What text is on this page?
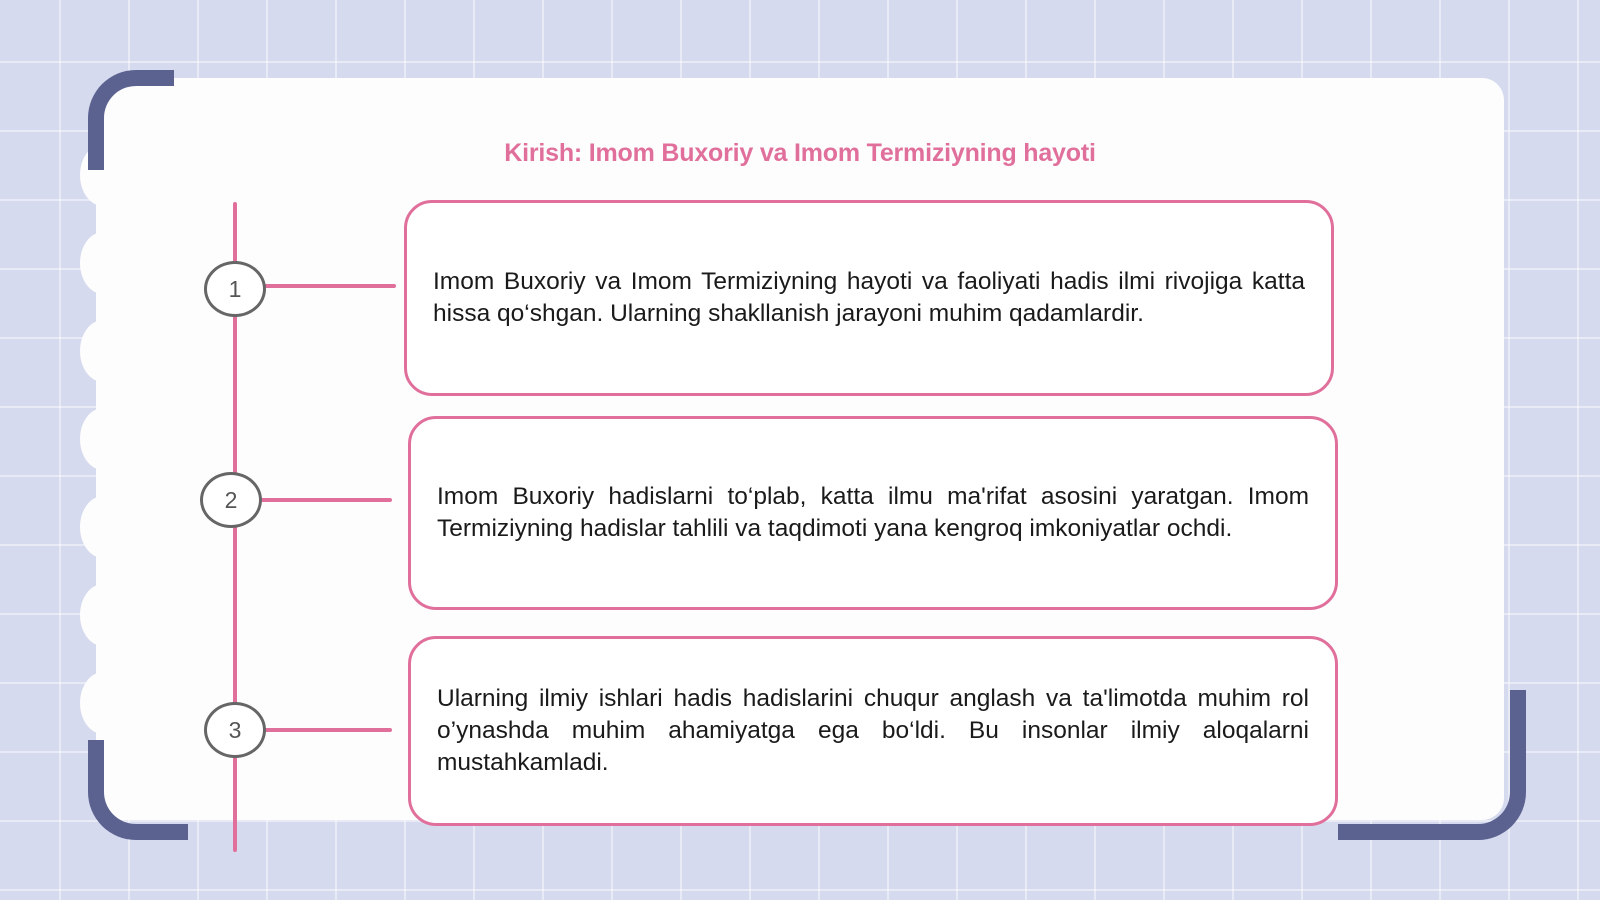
Kirish: Imom Buxoriy va Imom Termiziyning hayoti
1
2
3

Imom Buxoriy va Imom Termiziyning hayoti va faoliyati hadis ilmi rivojiga katta hissa qo‘shgan. Ularning shakllanish jarayoni muhim qadamlardir.

Imom Buxoriy hadislarni to‘plab, katta ilmu ma'rifat asosini yaratgan. Imom Termiziyning hadislar tahlili va taqdimoti yana kengroq imkoniyatlar ochdi.

Ularning ilmiy ishlari hadis hadislarini chuqur anglash va ta'limotda muhim rol o’ynashda muhim ahamiyatga ega bo‘ldi. Bu insonlar ilmiy aloqalarni mustahkamladi.
